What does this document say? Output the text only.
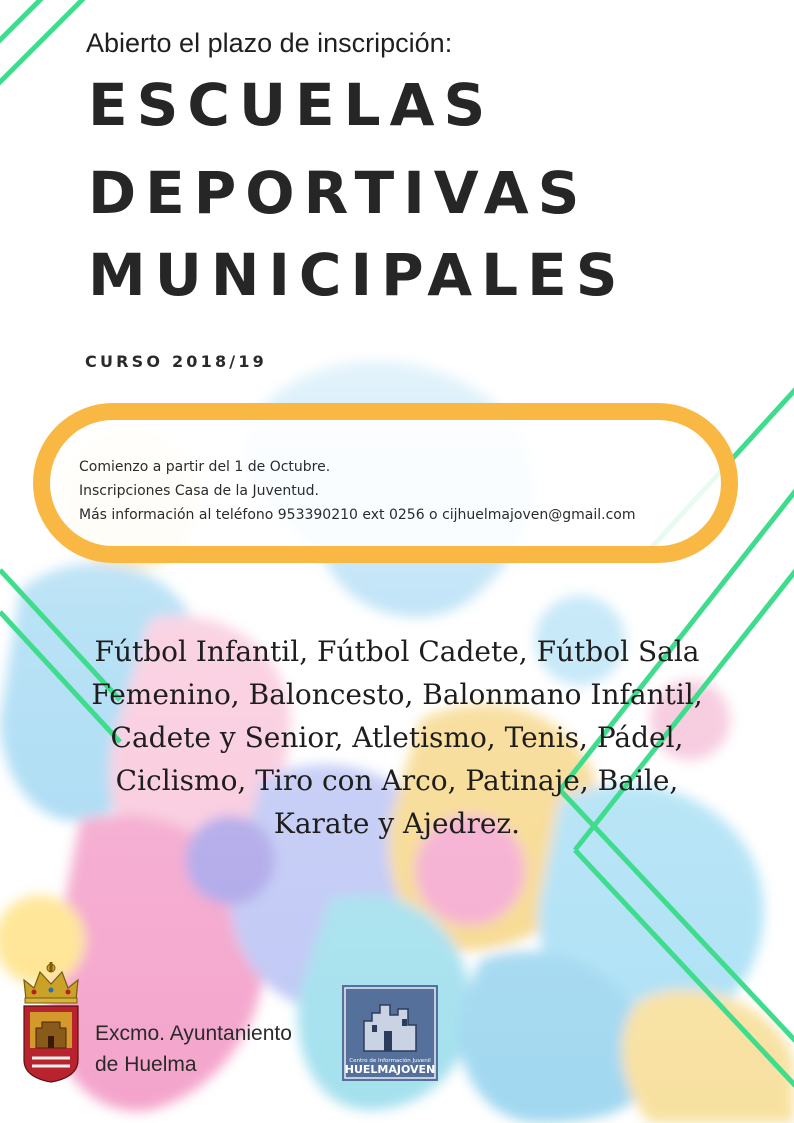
Abierto el plazo de inscripción:
ESCUELAS
DEPORTIVAS
MUNICIPALES
CURSO 2018/19
Comienzo a partir del 1 de Octubre.
Inscripciones Casa de la Juventud.
Más información al teléfono 953390210 ext 0256 o cijhuelmajoven@gmail.com
Fútbol Infantil, Fútbol Cadete, Fútbol Sala
Femenino, Baloncesto, Balonmano Infantil,
Cadete y Senior, Atletismo, Tenis, Pádel,
Ciclismo, Tiro con Arco, Patinaje, Baile,
Karate y Ajedrez.
Excmo. Ayuntaniento
de Huelma	Centro de Información Juvenil
HUELMAJOVEN
